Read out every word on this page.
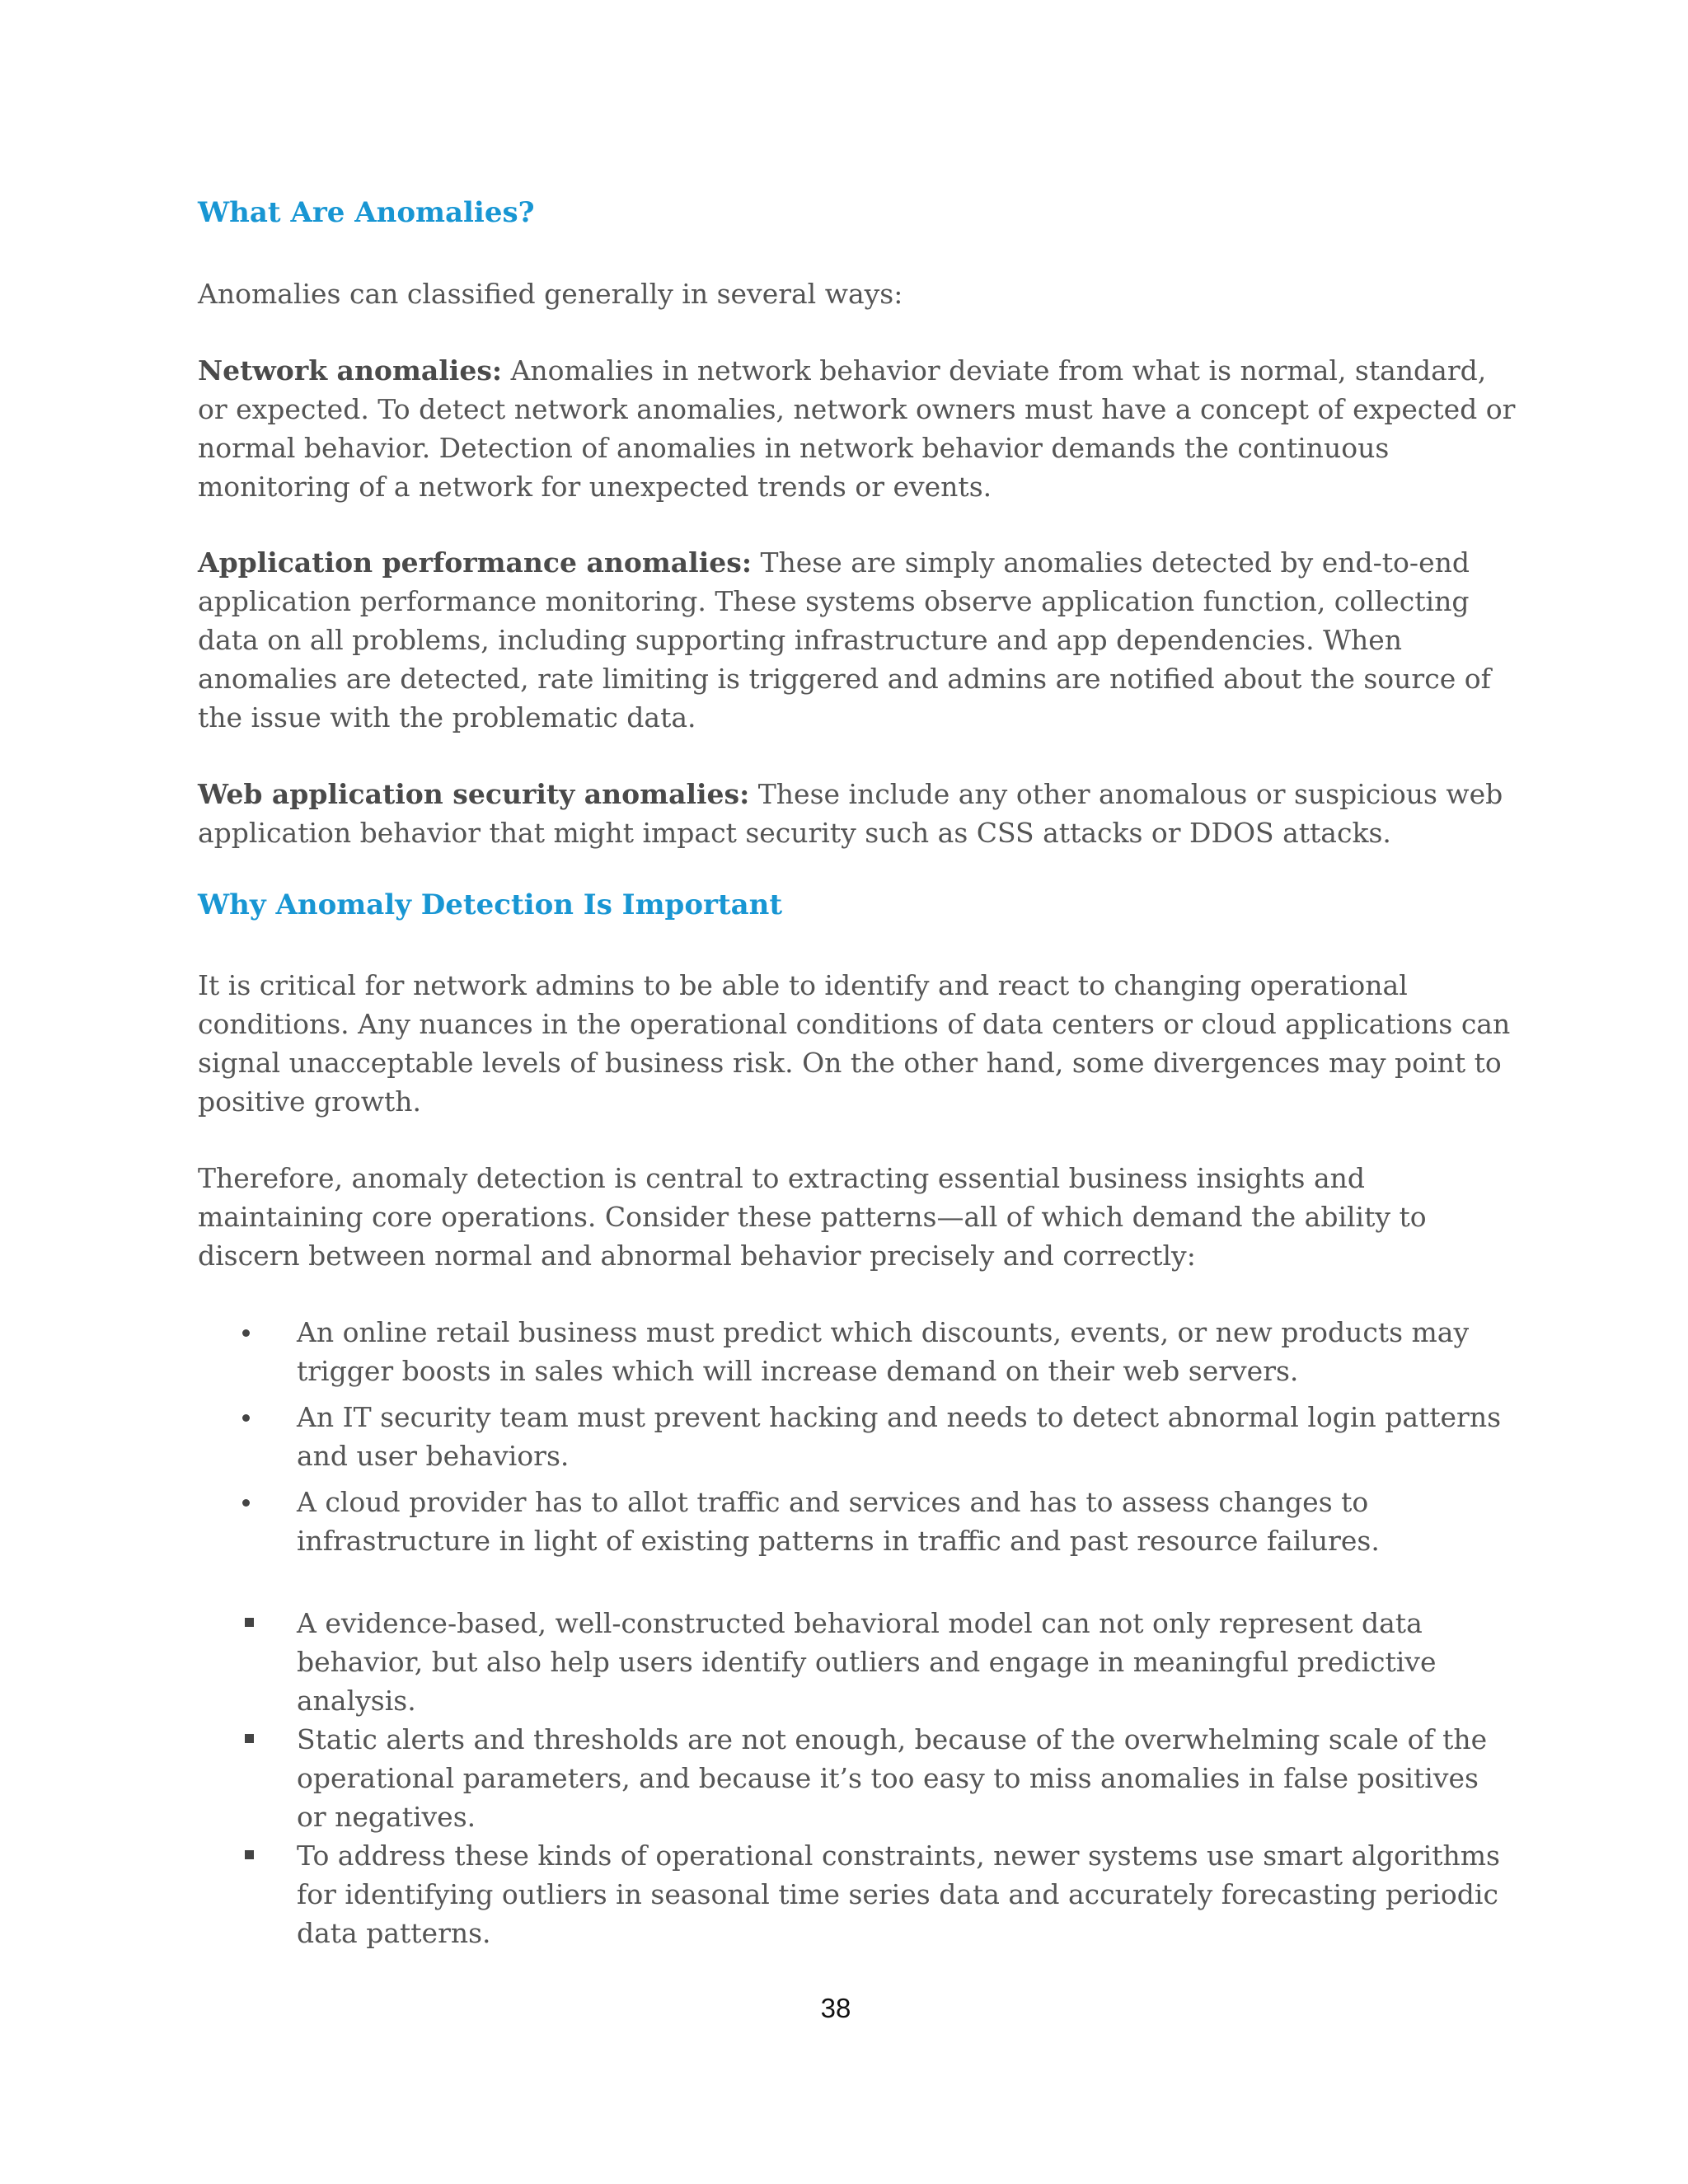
What Are Anomalies?

Anomalies can classified generally in several ways:

Network anomalies: Anomalies in network behavior deviate from what is normal, standard, or expected. To detect network anomalies, network owners must have a concept of expected or normal behavior. Detection of anomalies in network behavior demands the continuous monitoring of a network for unexpected trends or events.

Application performance anomalies: These are simply anomalies detected by end-to-end application performance monitoring. These systems observe application function, collecting data on all problems, including supporting infrastructure and app dependencies. When anomalies are detected, rate limiting is triggered and admins are notified about the source of the issue with the problematic data.

Web application security anomalies: These include any other anomalous or suspicious web application behavior that might impact security such as CSS attacks or DDOS attacks.

Why Anomaly Detection Is Important

It is critical for network admins to be able to identify and react to changing operational conditions. Any nuances in the operational conditions of data centers or cloud applications can signal unacceptable levels of business risk. On the other hand, some divergences may point to positive growth.

Therefore, anomaly detection is central to extracting essential business insights and maintaining core operations. Consider these patterns—all of which demand the ability to discern between normal and abnormal behavior precisely and correctly:

An online retail business must predict which discounts, events, or new products may trigger boosts in sales which will increase demand on their web servers.
An IT security team must prevent hacking and needs to detect abnormal login patterns and user behaviors.
A cloud provider has to allot traffic and services and has to assess changes to infrastructure in light of existing patterns in traffic and past resource failures.
A evidence-based, well-constructed behavioral model can not only represent data behavior, but also help users identify outliers and engage in meaningful predictive analysis.
Static alerts and thresholds are not enough, because of the overwhelming scale of the operational parameters, and because it’s too easy to miss anomalies in false positives or negatives.
To address these kinds of operational constraints, newer systems use smart algorithms for identifying outliers in seasonal time series data and accurately forecasting periodic data patterns.
38
